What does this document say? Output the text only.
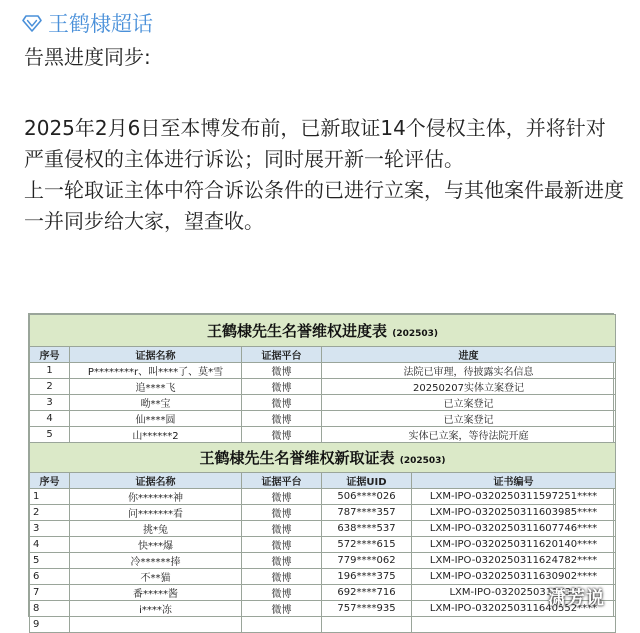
王鹤棣超话
告黑进度同步:
2025年2月6日至本博发布前，已新取证14个侵权主体，并将针对严重侵权的主体进行诉讼；同时展开新一轮评估。
上一轮取证主体中符合诉讼条件的已进行立案，与其他案件最新进度一并同步给大家，望查收。
王鹤棣先生名誉维权进度表 (202503)				
序号	证据名称	证据平台	进度	
1	P********r、叫****了、莫*雪	微博	法院已审理，待披露实名信息	
2	追****飞	微博	20250207实体立案登记	
3	呦**宝	微博	已立案登记	
4	仙****圆	微博	已立案登记	
5	山******2	微博	实体已立案，等待法院开庭	
王鹤棣先生名誉维权新取证表 (202503)				
序号	证据名称	证据平台	证据UID	证书编号
1	你*******神	微博	506****026	LXM-IPO-032025031159​7251****
2	问*******看	微博	787****357	LXM-IPO-032025031160​3985****
3	挑*兔	微博	638****537	LXM-IPO-032025031160​7746****
4	快***爆	微博	572****615	LXM-IPO-032025031162​0140****
5	冷******捧	微博	779****062	LXM-IPO-032025031162​4782****
6	不**猫	微博	196****375	LXM-IPO-032025031163​0902****
7	番*****酱	微博	692****716	LXM-IPO-03202503116​35
8	i****冻	微博	757****935	LXM-IPO-032025031164​0552****
9				
潇芳说
